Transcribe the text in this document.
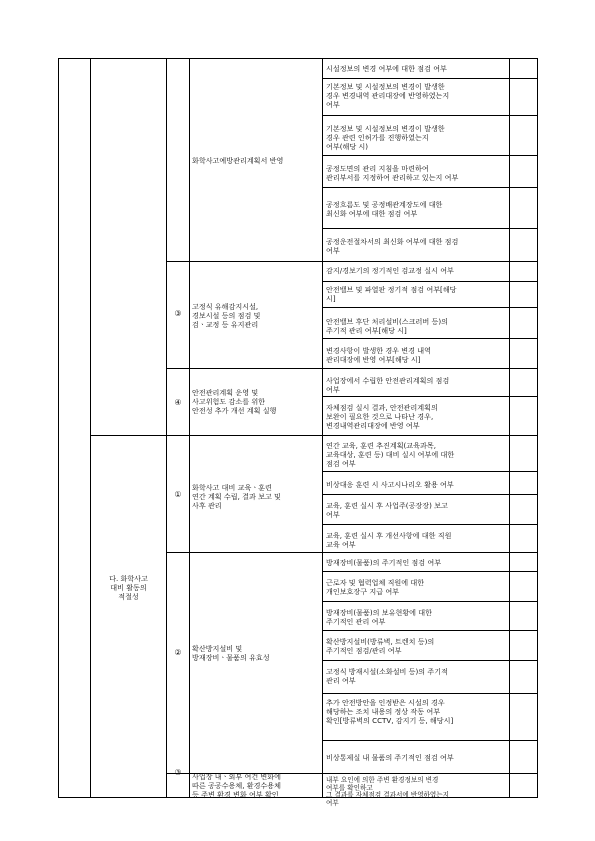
다. 화학사고
대비 활동의
적절성
③
④
①
②
③
화학사고예방관리계획서 반영
고정식 유해감지시설,
경보시설 등의 점검 및
검ㆍ교정 등 유지관리
안전관리계획 운영 및
사고위험도 감소를 위한
안전성 추가 개선 계획 실행
화학사고 대비 교육ㆍ훈련
연간 계획 수립, 결과 보고 및
사후 관리
확산방지설비 및
방재장비ㆍ물품의 유효성
사업장 내ㆍ외부 여건 변화에
따른 공공수용체, 환경수용체
등 주변 환경 변화 여부 확인
시설정보의 변경 여부에 대한 점검 여부
기본정보 및 시설정보의 변경이 발생한
경우 변경내역 관리대장에 반영하였는지
여부
기본정보 및 시설정보의 변경이 발생한
경우 관련 인허가를 진행하였는지
여부(해당 시)
공정도면의 관리 지침을 마련하여
관리부서를 지정하여 관리하고 있는지 여부
공정흐름도 및 공정배관계장도에 대한
최신화 여부에 대한 점검 여부
공정운전절차서의 최신화 여부에 대한 점검
여부
감지/경보기의 정기적인 검교정 실시 여부
안전밸브 및 파열판 정기적 점검 여부[해당
시]
안전밸브 후단 처리설비(스크러버 등)의
주기적 관리 여부[해당 시]
변경사항이 발생한 경우 변경 내역
관리대장에 반영 여부[해당 시]
사업장에서 수립한 안전관리계획의 점검
여부
자체점검 실시 결과, 안전관리계획의
보완이 필요한 것으로 나타난 경우,
변경내역관리대장에 반영 여부
연간 교육, 훈련 추진계획(교육과목,
교육대상, 훈련 등) 대비 실시 여부에 대한
점검 여부
비상대응 훈련 시 사고시나리오 활용 여부
교육, 훈련 실시 후 사업주(공장장) 보고
여부
교육, 훈련 실시 후 개선사항에 대한 직원
교육 여부
방재장비(물품)의 주기적인 점검 여부
근로자 및 협력업체 직원에 대한
개인보호장구 지급 여부
방재장비(물품)의 보유현황에 대한
주기적인 관리 여부
확산방지설비(방류벽, 트렌치 등)의
주기적인 점검/관리 여부
고정식 방재시설(소화설비 등)의 주기적
관리 여부
추가 안전방안을 인정받은 시설의 경우
해당하는 조치 내용의 정상 작동 여부
확인[방류벽의 CCTV, 감지기 등, 해당시]
비상통제실 내 물품의 주기적인 점검 여부
내부 요인에 의한 주변 환경정보의 변경
여부를 확인하고
그 결과를 자체점검 결과서에 반영하였는지
여부
